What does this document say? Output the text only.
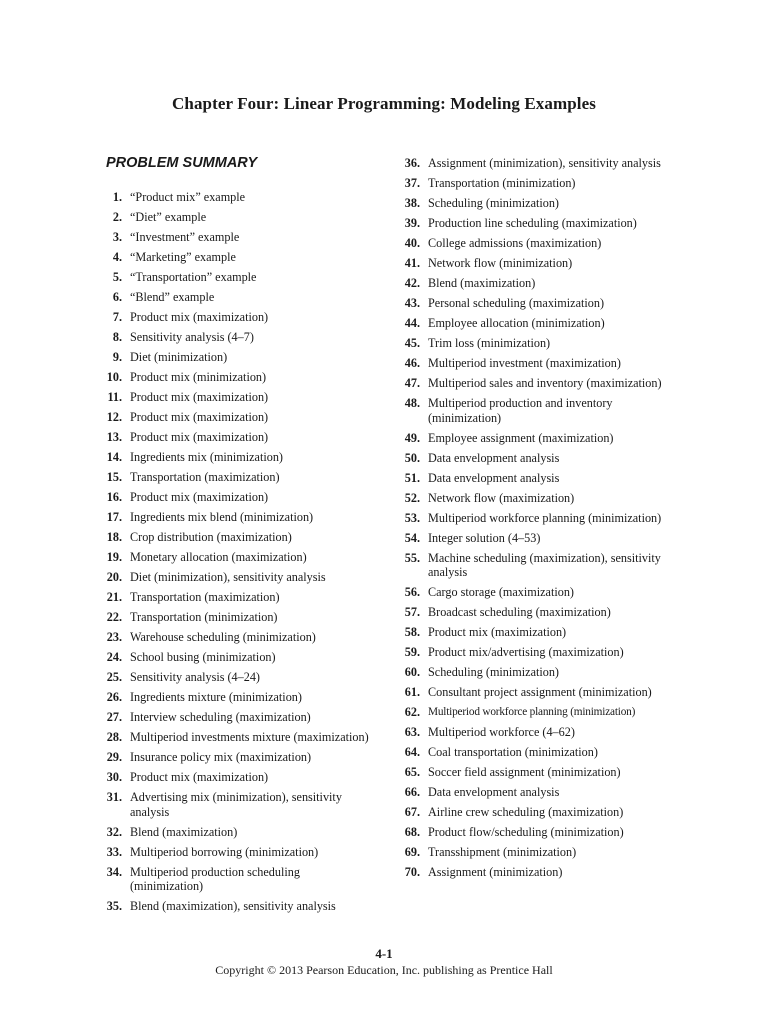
Chapter Four: Linear Programming: Modeling Examples
PROBLEM SUMMARY
1. “Product mix” example
2. “Diet” example
3. “Investment” example
4. “Marketing” example
5. “Transportation” example
6. “Blend” example
7. Product mix (maximization)
8. Sensitivity analysis (4–7)
9. Diet (minimization)
10. Product mix (minimization)
11. Product mix (maximization)
12. Product mix (maximization)
13. Product mix (maximization)
14. Ingredients mix (minimization)
15. Transportation (maximization)
16. Product mix (maximization)
17. Ingredients mix blend (minimization)
18. Crop distribution (maximization)
19. Monetary allocation (maximization)
20. Diet (minimization), sensitivity analysis
21. Transportation (maximization)
22. Transportation (minimization)
23. Warehouse scheduling (minimization)
24. School busing (minimization)
25. Sensitivity analysis (4–24)
26. Ingredients mixture (minimization)
27. Interview scheduling (maximization)
28. Multiperiod investments mixture (maximization)
29. Insurance policy mix (maximization)
30. Product mix (maximization)
31. Advertising mix (minimization), sensitivity analysis
32. Blend (maximization)
33. Multiperiod borrowing (minimization)
34. Multiperiod production scheduling (minimization)
35. Blend (maximization), sensitivity analysis
36. Assignment (minimization), sensitivity analysis
37. Transportation (minimization)
38. Scheduling (minimization)
39. Production line scheduling (maximization)
40. College admissions (maximization)
41. Network flow (minimization)
42. Blend (maximization)
43. Personal scheduling (maximization)
44. Employee allocation (minimization)
45. Trim loss (minimization)
46. Multiperiod investment (maximization)
47. Multiperiod sales and inventory (maximization)
48. Multiperiod production and inventory (minimization)
49. Employee assignment (maximization)
50. Data envelopment analysis
51. Data envelopment analysis
52. Network flow (maximization)
53. Multiperiod workforce planning (minimization)
54. Integer solution (4–53)
55. Machine scheduling (maximization), sensitivity analysis
56. Cargo storage (maximization)
57. Broadcast scheduling (maximization)
58. Product mix (maximization)
59. Product mix/advertising (maximization)
60. Scheduling (minimization)
61. Consultant project assignment (minimization)
62. Multiperiod workforce planning (minimization)
63. Multiperiod workforce (4–62)
64. Coal transportation (minimization)
65. Soccer field assignment (minimization)
66. Data envelopment analysis
67. Airline crew scheduling (maximization)
68. Product flow/scheduling (minimization)
69. Transshipment (minimization)
70. Assignment (minimization)
4-1
Copyright © 2013 Pearson Education, Inc. publishing as Prentice Hall
